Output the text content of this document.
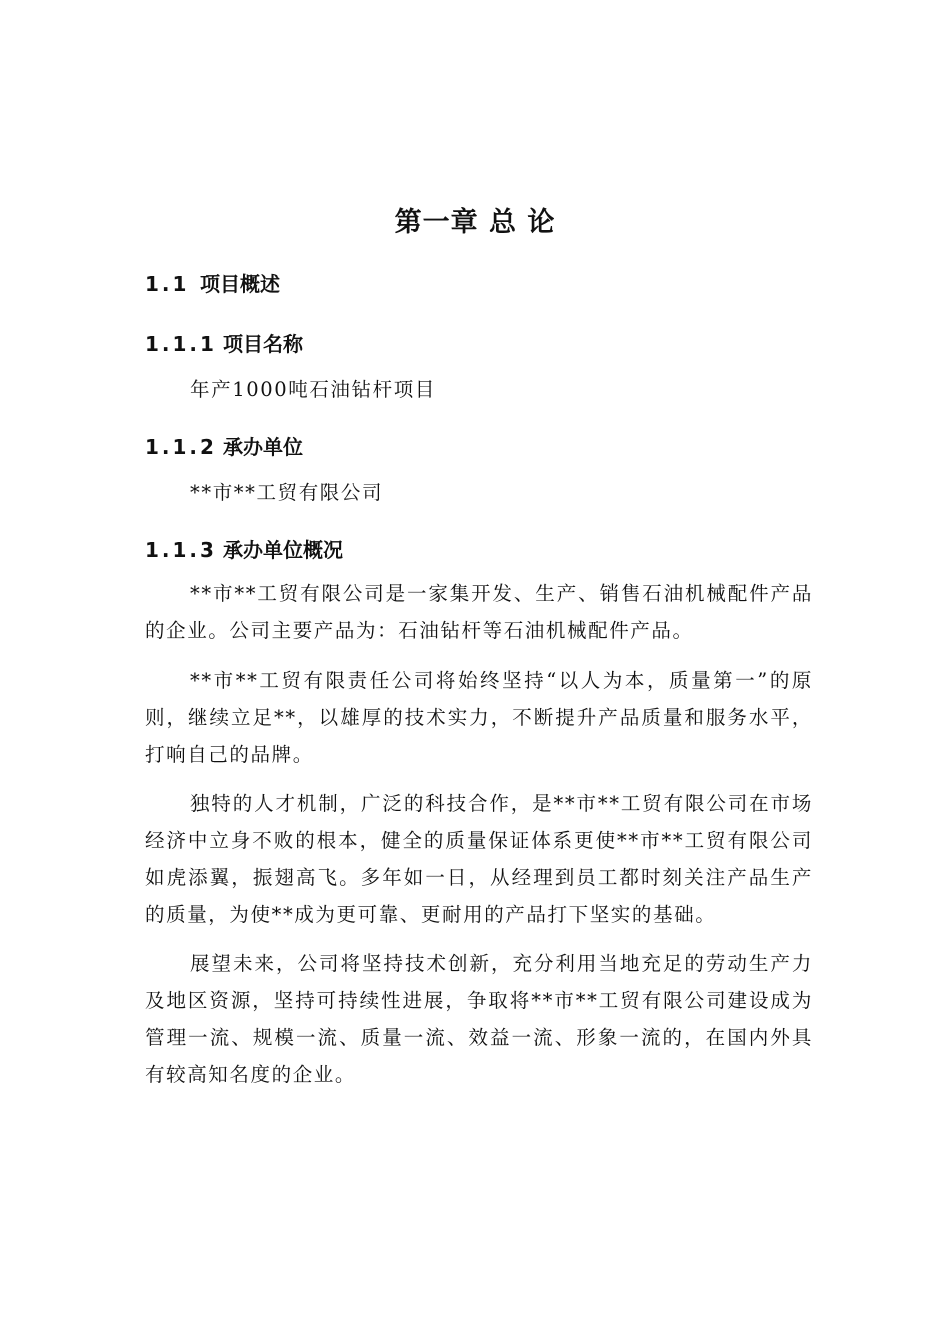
第一章 总 论
1.1 项目概述
1.1.1 项目名称

年产1000吨石油钻杆项目

1.1.2 承办单位

**市**工贸有限公司

1.1.3 承办单位概况

**市**工贸有限公司是一家集开发、生产、销售石油机械配件产品的企业。公司主要产品为：石油钻杆等石油机械配件产品。

**市**工贸有限责任公司将始终坚持“以人为本，质量第一”的原则，继续立足**，以雄厚的技术实力，不断提升产品质量和服务水平，打响自己的品牌。

独特的人才机制，广泛的科技合作，是**市**工贸有限公司在市场经济中立身不败的根本，健全的质量保证体系更使**市**工贸有限公司如虎添翼，振翅高飞。多年如一日，从经理到员工都时刻关注产品生产的质量，为使**成为更可靠、更耐用的产品打下坚实的基础。

展望未来，公司将坚持技术创新，充分利用当地充足的劳动生产力及地区资源，坚持可持续性进展，争取将**市**工贸有限公司建设成为管理一流、规模一流、质量一流、效益一流、形象一流的，在国内外具有较高知名度的企业。
